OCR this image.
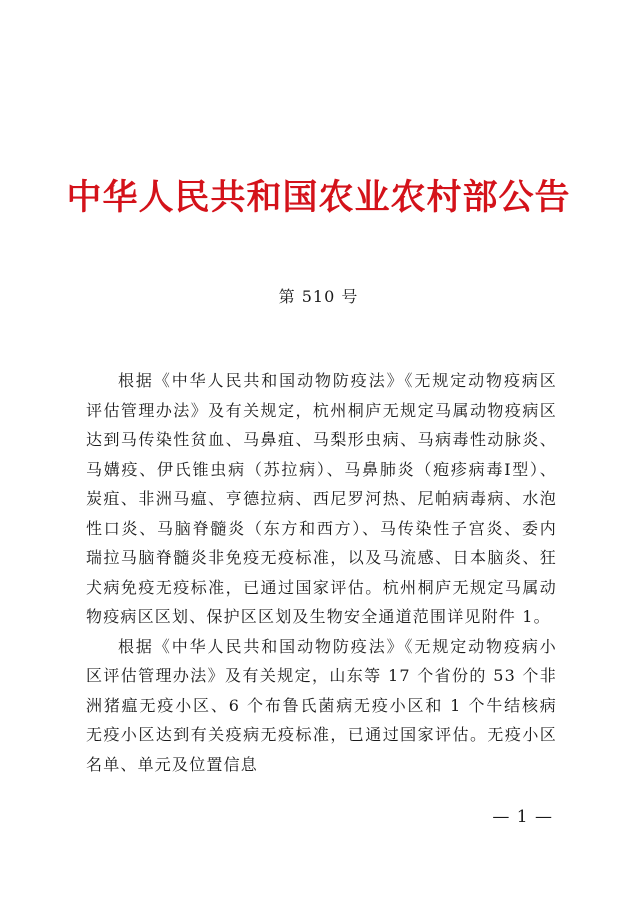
中华人民共和国农业农村部公告
第 510 号

根据《中华人民共和国动物防疫法》《无规定动物疫病区评估管理办法》及有关规定，杭州桐庐无规定马属动物疫病区达到马传染性贫血、马鼻疽、马梨形虫病、马病毒性动脉炎、马媾疫、伊氏锥虫病（苏拉病）、马鼻肺炎（疱疹病毒Ⅰ型）、炭疽、非洲马瘟、亨德拉病、西尼罗河热、尼帕病毒病、水泡性口炎、马脑脊髓炎（东方和西方）、马传染性子宫炎、委内瑞拉马脑脊髓炎非免疫无疫标准，以及马流感、日本脑炎、狂犬病免疫无疫标准，已通过国家评估。杭州桐庐无规定马属动物疫病区区划、保护区区划及生物安全通道范围详见附件 1。

根据《中华人民共和国动物防疫法》《无规定动物疫病小区评估管理办法》及有关规定，山东等 17 个省份的 53 个非洲猪瘟无疫小区、6 个布鲁氏菌病无疫小区和 1 个牛结核病无疫小区达到有关疫病无疫标准，已通过国家评估。无疫小区名单、单元及位置信息

— 1 —
